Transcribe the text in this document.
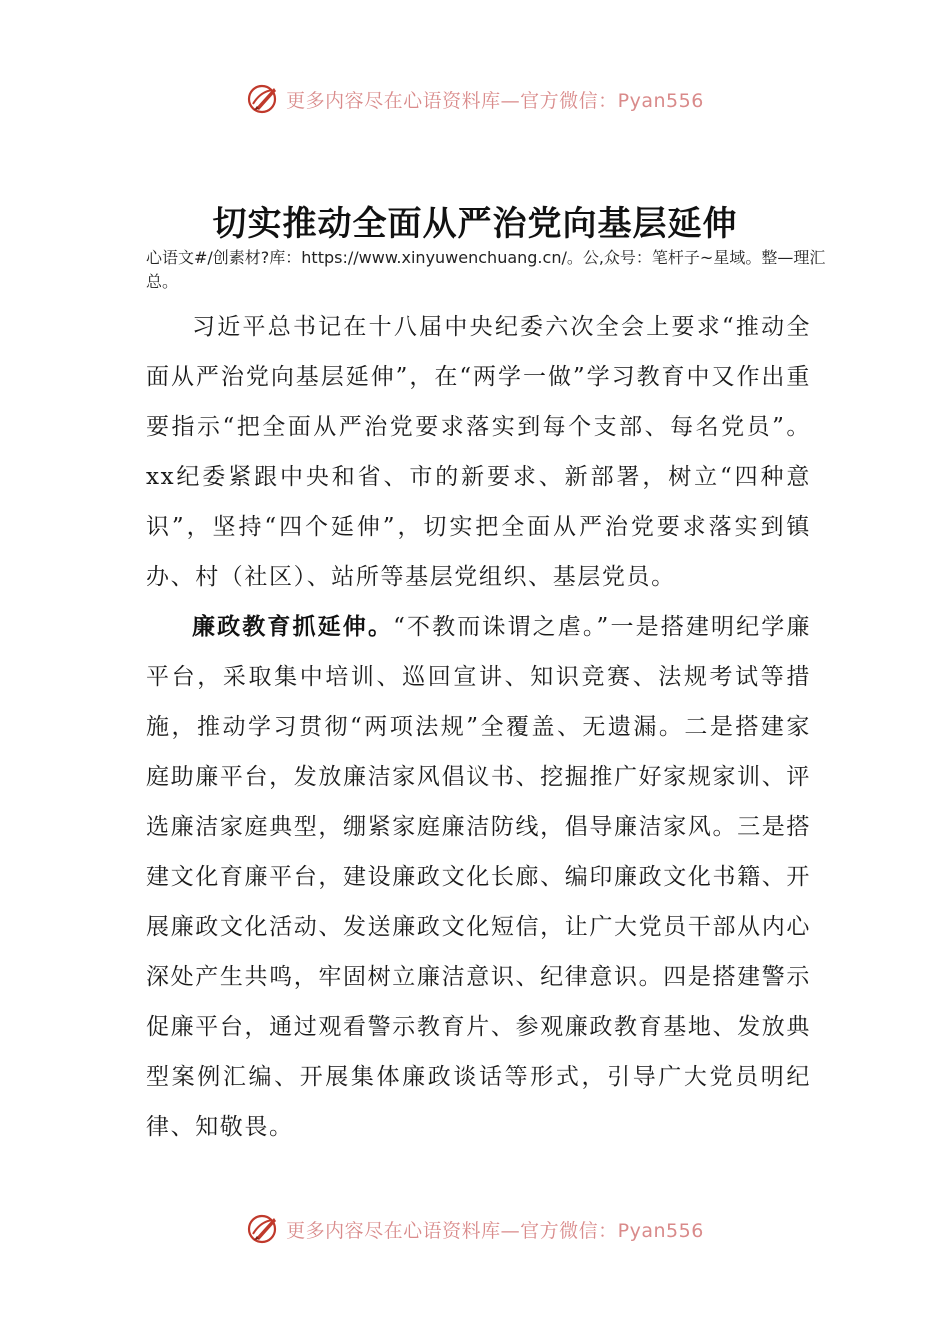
更多内容尽在心语资料库—官方微信：Pyan556
切实推动全面从严治党向基层延伸

心语文#/创素材?库：https://www.xinyuwenchuang.cn/。公,众号：笔杆子~星域。整—理汇总。

习近平总书记在十八届中央纪委六次全会上要求“推动全面从严治党向基层延伸”，在“两学一做”学习教育中又作出重要指示“把全面从严治党要求落实到每个支部、每名党员”。xx纪委紧跟中央和省、市的新要求、新部署，树立“四种意识”，坚持“四个延伸”，切实把全面从严治党要求落实到镇办、村（社区）、站所等基层党组织、基层党员。

廉政教育抓延伸。“不教而诛谓之虐。”一是搭建明纪学廉平台，采取集中培训、巡回宣讲、知识竞赛、法规考试等措施，推动学习贯彻“两项法规”全覆盖、无遗漏。二是搭建家庭助廉平台，发放廉洁家风倡议书、挖掘推广好家规家训、评选廉洁家庭典型，绷紧家庭廉洁防线，倡导廉洁家风。三是搭建文化育廉平台，建设廉政文化长廊、编印廉政文化书籍、开展廉政文化活动、发送廉政文化短信，让广大党员干部从内心深处产生共鸣，牢固树立廉洁意识、纪律意识。四是搭建警示促廉平台，通过观看警示教育片、参观廉政教育基地、发放典型案例汇编、开展集体廉政谈话等形式，引导广大党员明纪律、知敬畏。

更多内容尽在心语资料库—官方微信：Pyan556
